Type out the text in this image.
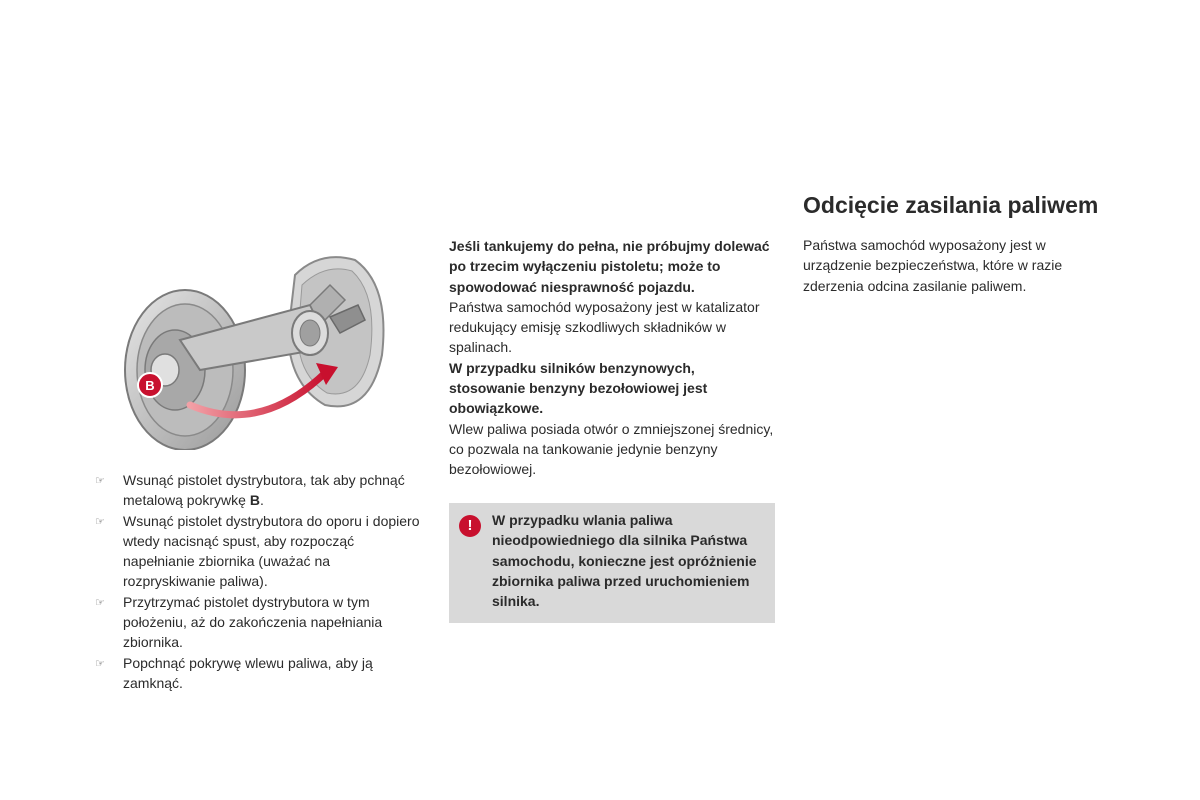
B
☞	Wsunąć pistolet dystrybutora, tak aby pchnąć metalową pokrywkę B.
☞	Wsunąć pistolet dystrybutora do oporu i dopiero wtedy nacisnąć spust, aby rozpocząć napełnianie zbiornika (uważać na rozpryskiwanie paliwa).
☞	Przytrzymać pistolet dystrybutora w tym położeniu, aż do zakończenia napełniania zbiornika.
☞	Popchnąć pokrywę wlewu paliwa, aby ją zamknąć.

Jeśli tankujemy do pełna, nie próbujmy dolewać po trzecim wyłączeniu pistoletu; może to spowodować niesprawność pojazdu.

Państwa samochód wyposażony jest w katalizator redukujący emisję szkodliwych składników w spalinach.

W przypadku silników benzynowych, stosowanie benzyny bezołowiowej jest obowiązkowe.

Wlew paliwa posiada otwór o zmniejszonej średnicy, co pozwala na tankowanie jedynie benzyny bezołowiowej.

!	W przypadku wlania paliwa nieodpowiedniego dla silnika Państwa samochodu, konieczne jest opróżnienie zbiornika paliwa przed uruchomieniem silnika.
Odcięcie zasilania paliwem
Państwa samochód wyposażony jest w urządzenie bezpieczeństwa, które w razie zderzenia odcina zasilanie paliwem.
